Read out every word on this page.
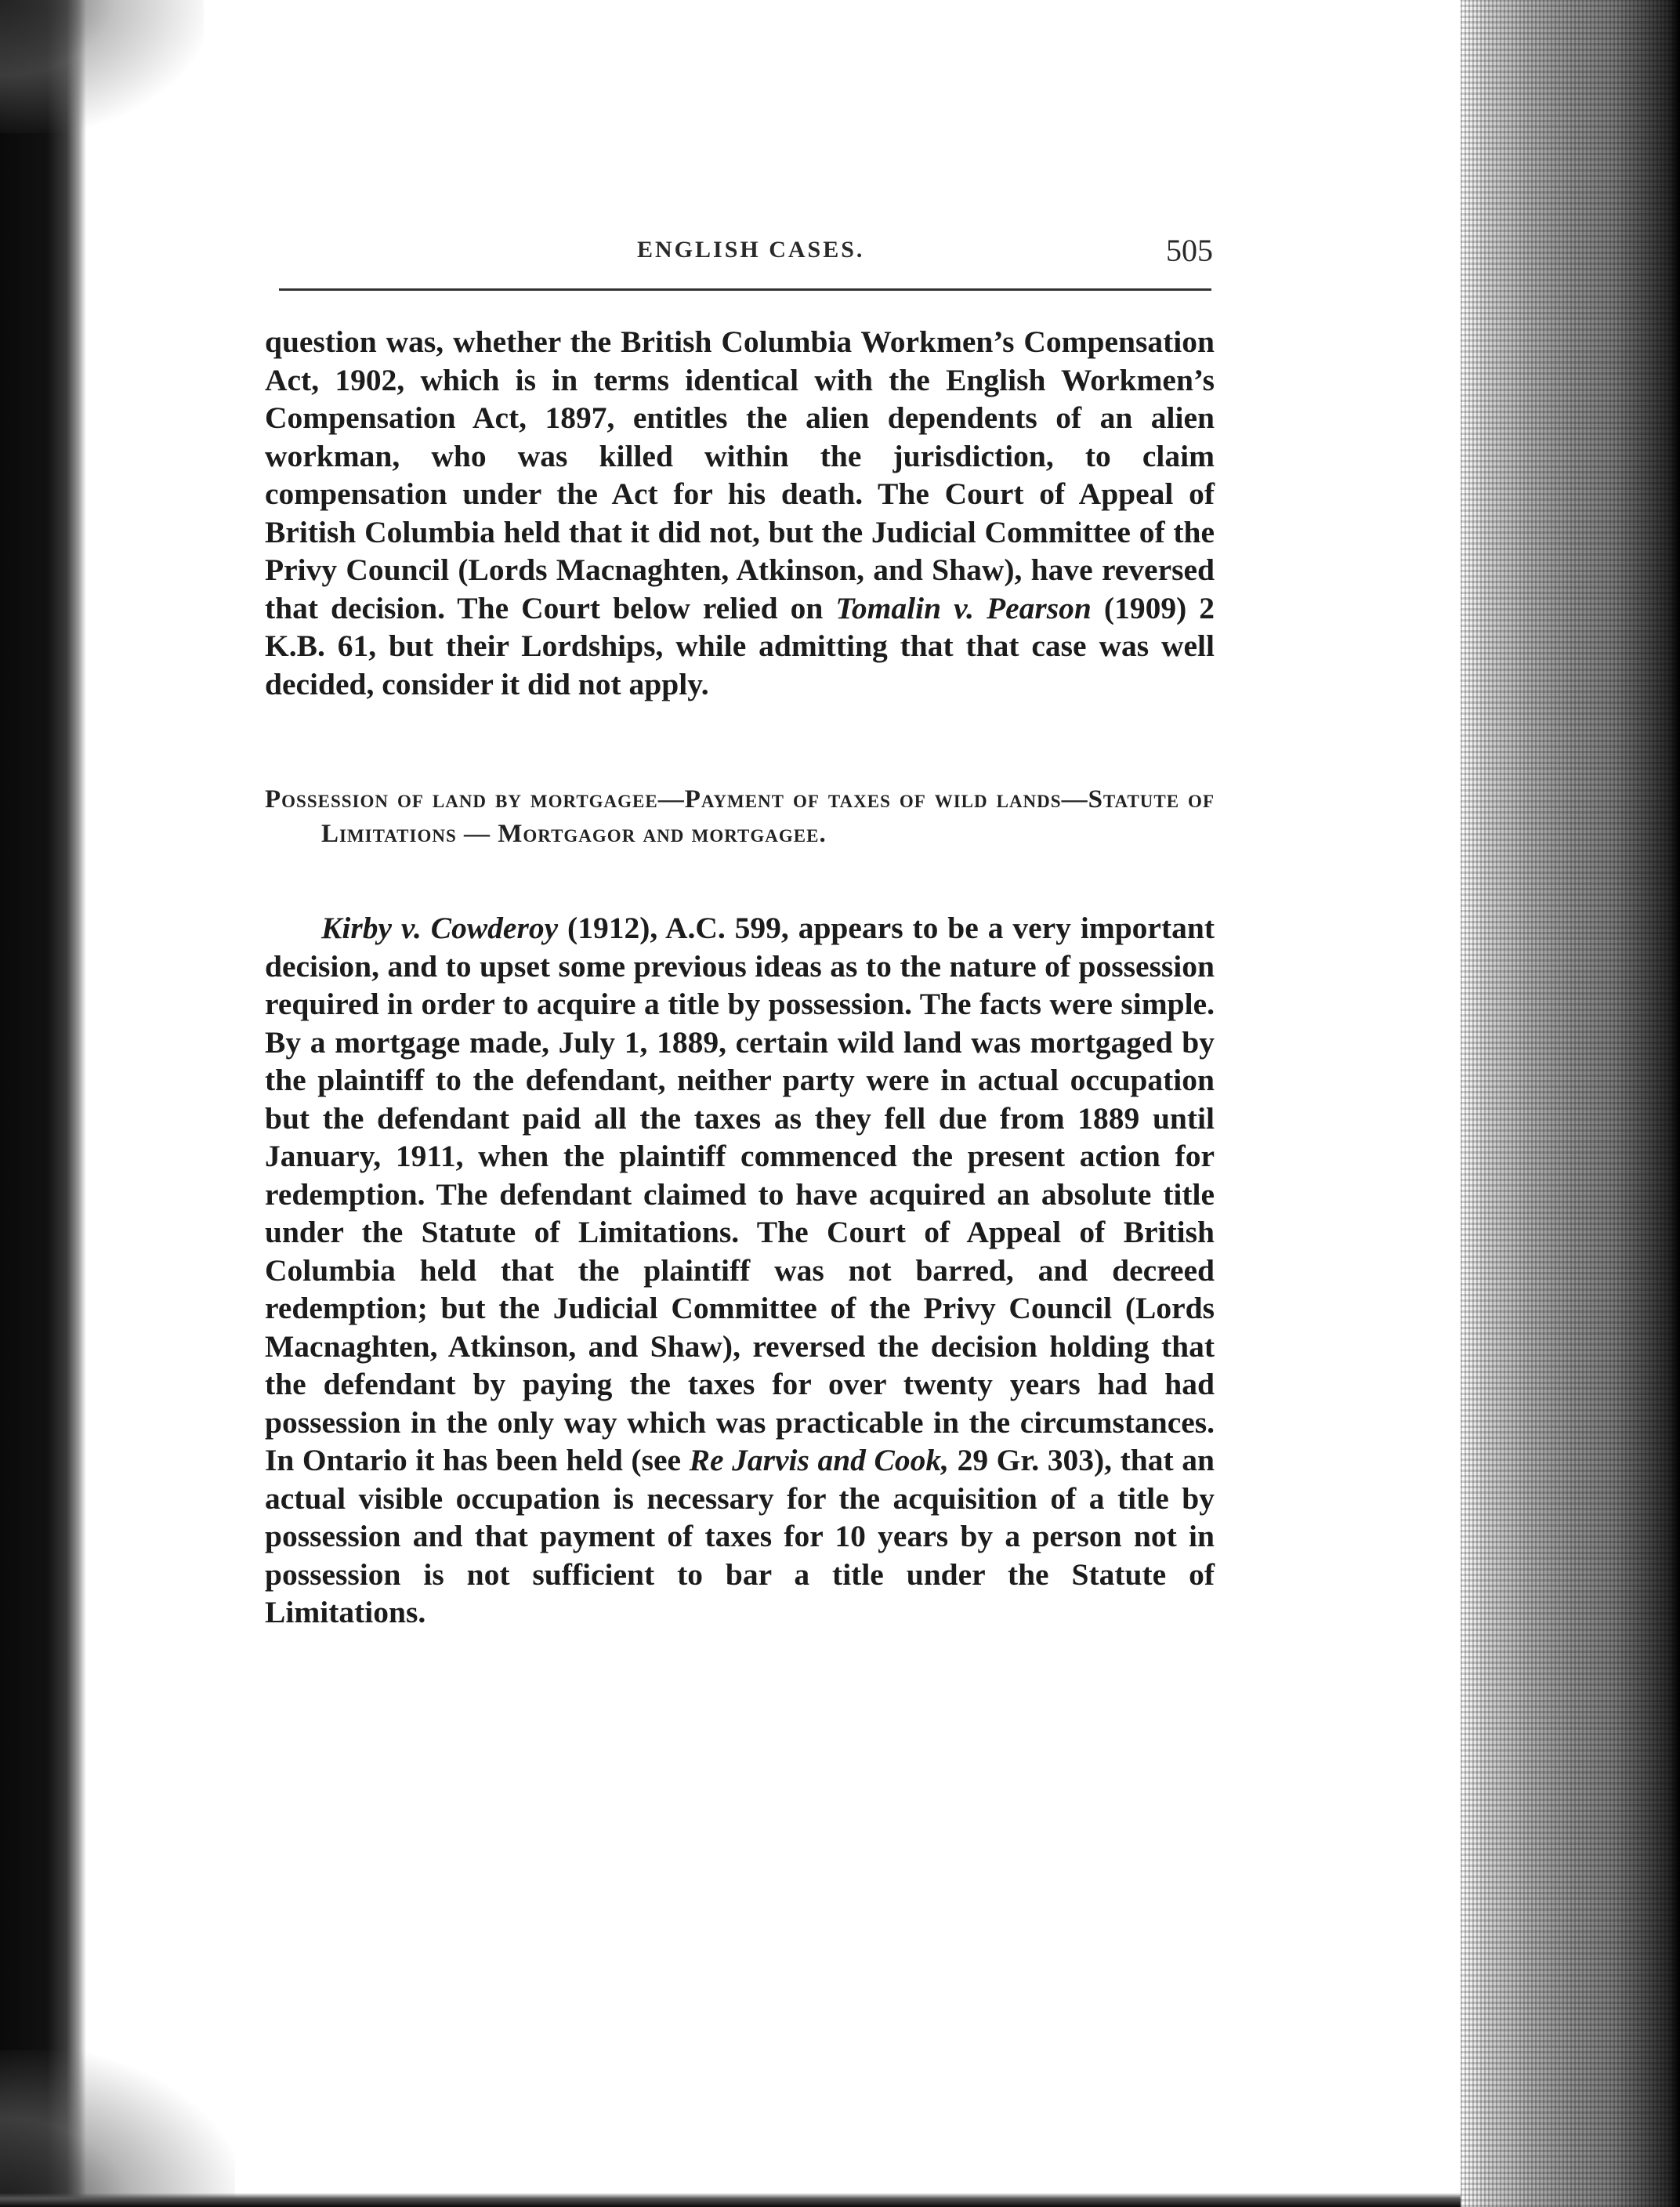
ENGLISH CASES.	505

question was, whether the British Columbia Workmen’s Compensation Act, 1902, which is in terms identical with the English Workmen’s Compensation Act, 1897, entitles the alien dependents of an alien workman, who was killed within the jurisdiction, to claim compensation under the Act for his death. The Court of Appeal of British Columbia held that it did not, but the Judicial Committee of the Privy Council (Lords Macnaghten, Atkinson, and Shaw), have reversed that decision. The Court below relied on Tomalin v. Pearson (1909) 2 K.B. 61, but their Lordships, while admitting that that case was well decided, consider it did not apply.

Possession of land by mortgagee—Payment of taxes of wild lands—Statute of Limitations — Mortgagor and mortgagee.

Kirby v. Cowderoy (1912), A.C. 599, appears to be a very important decision, and to upset some previous ideas as to the nature of possession required in order to acquire a title by possession. The facts were simple. By a mortgage made, July 1, 1889, certain wild land was mortgaged by the plaintiff to the defendant, neither party were in actual occupation but the defendant paid all the taxes as they fell due from 1889 until January, 1911, when the plaintiff commenced the present action for redemption. The defendant claimed to have acquired an absolute title under the Statute of Limitations. The Court of Appeal of British Columbia held that the plaintiff was not barred, and decreed redemption; but the Judicial Committee of the Privy Council (Lords Macnaghten, Atkinson, and Shaw), reversed the decision holding that the defendant by paying the taxes for over twenty years had had possession in the only way which was practicable in the circumstances. In Ontario it has been held (see Re Jarvis and Cook, 29 Gr. 303), that an actual visible occupation is necessary for the acquisition of a title by possession and that payment of taxes for 10 years by a person not in possession is not sufficient to bar a title under the Statute of Limitations.
